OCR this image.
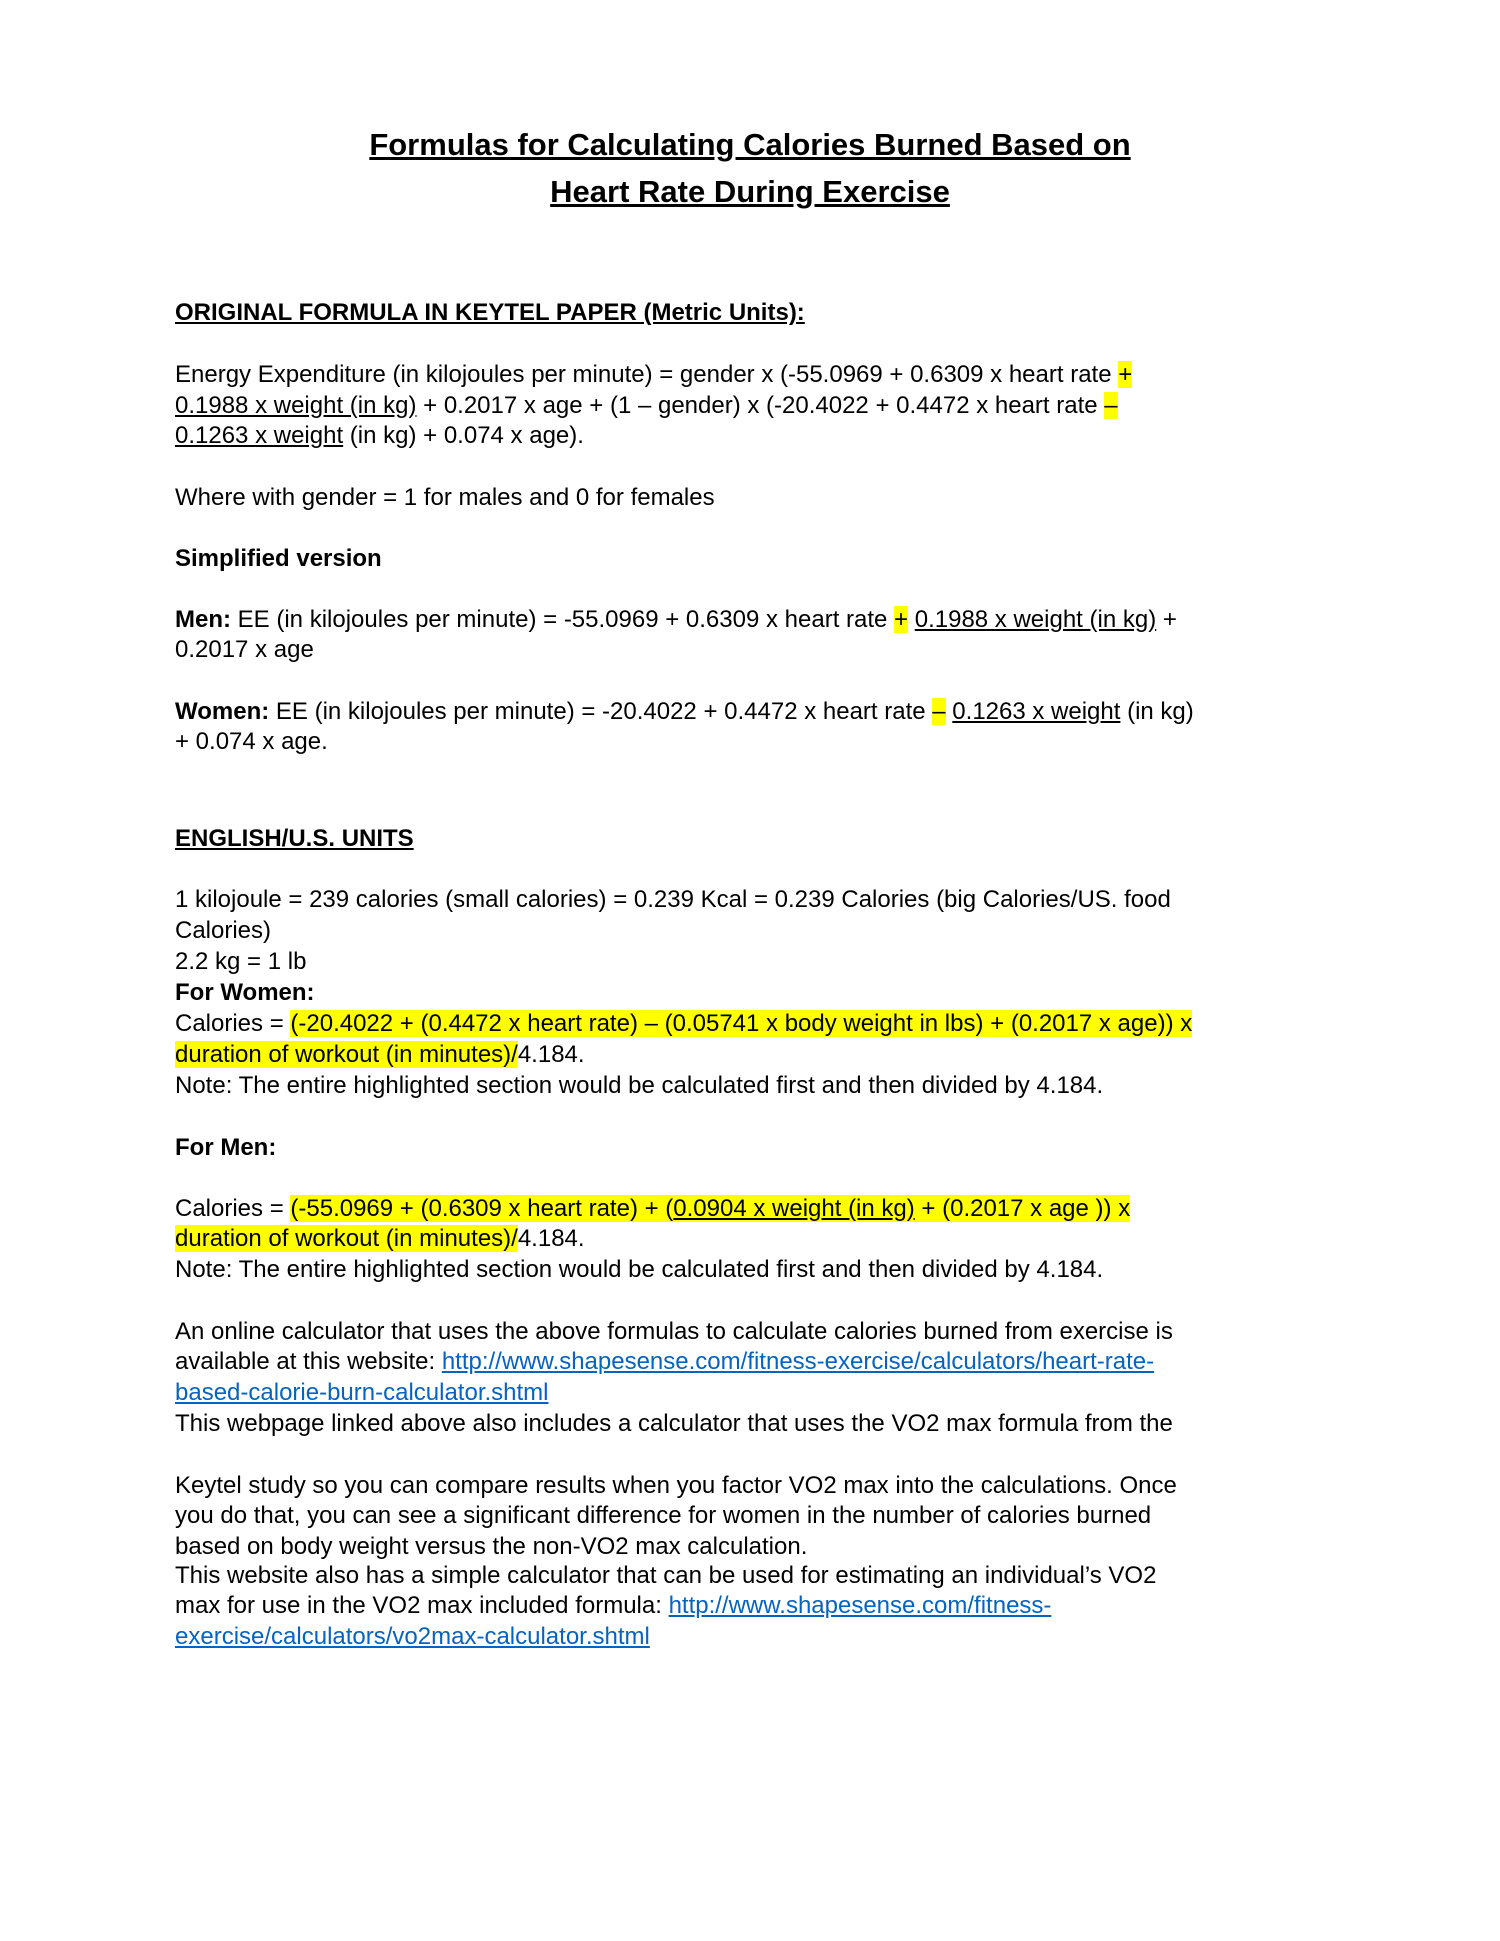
Formulas for Calculating Calories Burned Based on
Heart Rate During Exercise
ORIGINAL FORMULA IN KEYTEL PAPER (Metric Units):
Energy Expenditure (in kilojoules per minute) = gender x (-55.0969 + 0.6309 x heart rate +
0.1988 x weight (in kg) + 0.2017 x age + (1 – gender) x (-20.4022 + 0.4472 x heart rate –
0.1263 x weight (in kg) + 0.074 x age).
Where with gender = 1 for males and 0 for females
Simplified version
Men: EE (in kilojoules per minute) = -55.0969 + 0.6309 x heart rate + 0.1988 x weight (in kg) +
0.2017 x age
Women: EE (in kilojoules per minute) = -20.4022 + 0.4472 x heart rate – 0.1263 x weight (in kg)
+ 0.074 x age.
ENGLISH/U.S. UNITS
1 kilojoule = 239 calories (small calories) = 0.239 Kcal = 0.239 Calories (big Calories/US. food
Calories)
2.2 kg = 1 lb
For Women:
Calories = (-20.4022 + (0.4472 x heart rate) – (0.05741 x body weight in lbs) + (0.2017 x age)) x
duration of workout (in minutes)/4.184.
Note: The entire highlighted section would be calculated first and then divided by 4.184.
For Men:
Calories = (-55.0969 + (0.6309 x heart rate) + (0.0904 x weight (in kg) + (0.2017 x age )) x
duration of workout (in minutes)/4.184.
Note: The entire highlighted section would be calculated first and then divided by 4.184.
An online calculator that uses the above formulas to calculate calories burned from exercise is
available at this website: http://www.shapesense.com/fitness-exercise/calculators/heart-rate-
based-calorie-burn-calculator.shtml
This webpage linked above also includes a calculator that uses the VO2 max formula from the
Keytel study so you can compare results when you factor VO2 max into the calculations. Once
you do that, you can see a significant difference for women in the number of calories burned
based on body weight versus the non-VO2 max calculation.
This website also has a simple calculator that can be used for estimating an individual’s VO2
max for use in the VO2 max included formula: http://www.shapesense.com/fitness-
exercise/calculators/vo2max-calculator.shtml
